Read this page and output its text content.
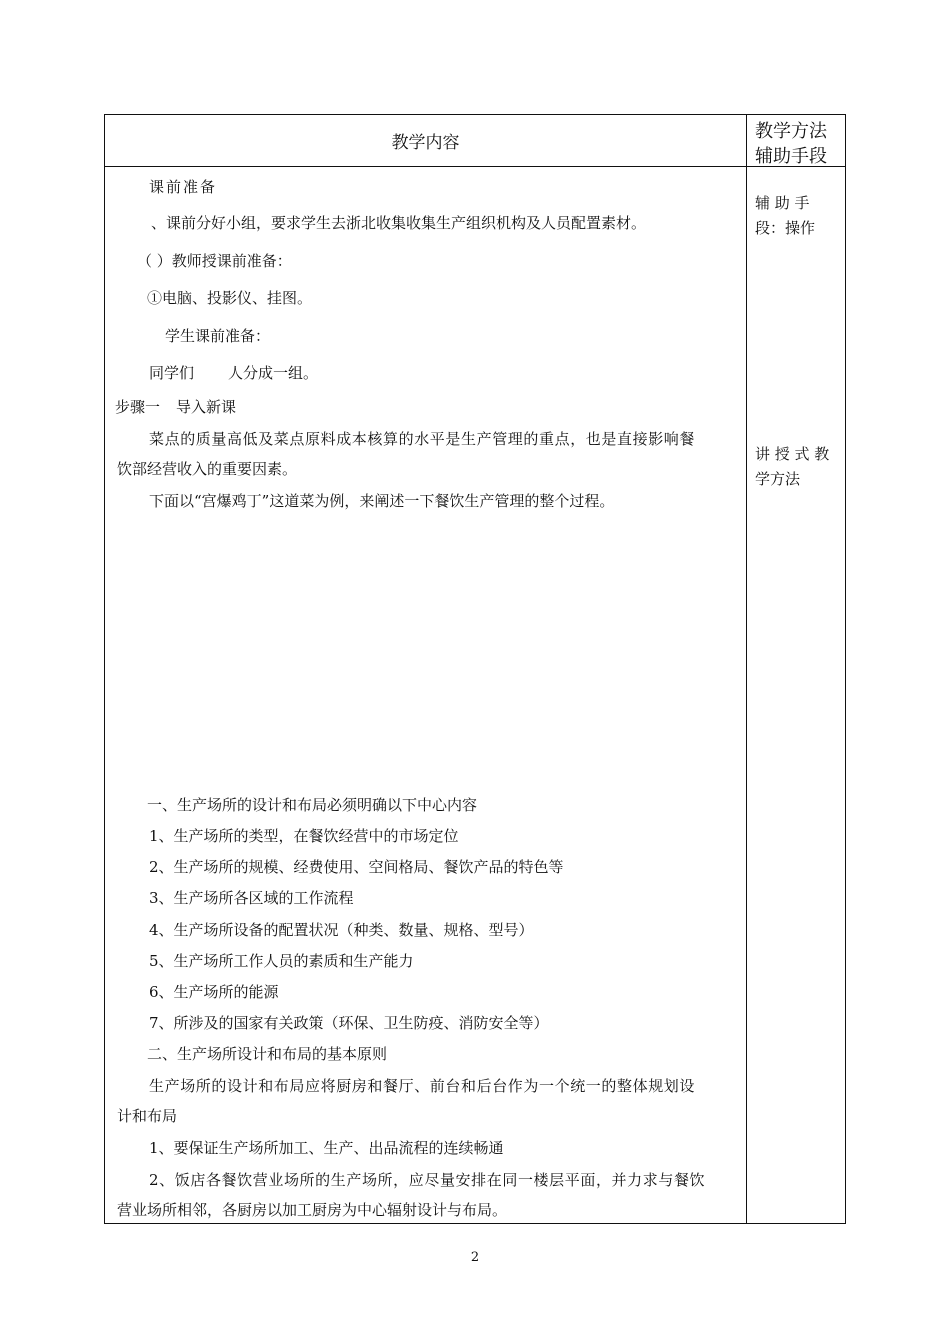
教学内容
教学方法
辅助手段
辅 助 手
段：操作
讲 授 式 教
学方法
课前准备
、课前分好小组，要求学生去浙北收集收集生产组织机构及人员配置素材。
（ ）教师授课前准备：
①电脑、投影仪、挂图。
学生课前准备：
同学们 人分成一组。
步骤一 导入新课
菜点的质量高低及菜点原料成本核算的水平是生产管理的重点，也是直接影响餐
饮部经营收入的重要因素。
下面以“宫爆鸡丁”这道菜为例，来阐述一下餐饮生产管理的整个过程。
一、生产场所的设计和布局必须明确以下中心内容
1、生产场所的类型，在餐饮经营中的市场定位
2、生产场所的规模、经费使用、空间格局、餐饮产品的特色等
3、生产场所各区域的工作流程
4、生产场所设备的配置状况（种类、数量、规格、型号）
5、生产场所工作人员的素质和生产能力
6、生产场所的能源
7、所涉及的国家有关政策（环保、卫生防疫、消防安全等）
二、生产场所设计和布局的基本原则
生产场所的设计和布局应将厨房和餐厅、前台和后台作为一个统一的整体规划设
计和布局
1、要保证生产场所加工、生产、出品流程的连续畅通
2、饭店各餐饮营业场所的生产场所，应尽量安排在同一楼层平面，并力求与餐饮
营业场所相邻，各厨房以加工厨房为中心辐射设计与布局。
2
